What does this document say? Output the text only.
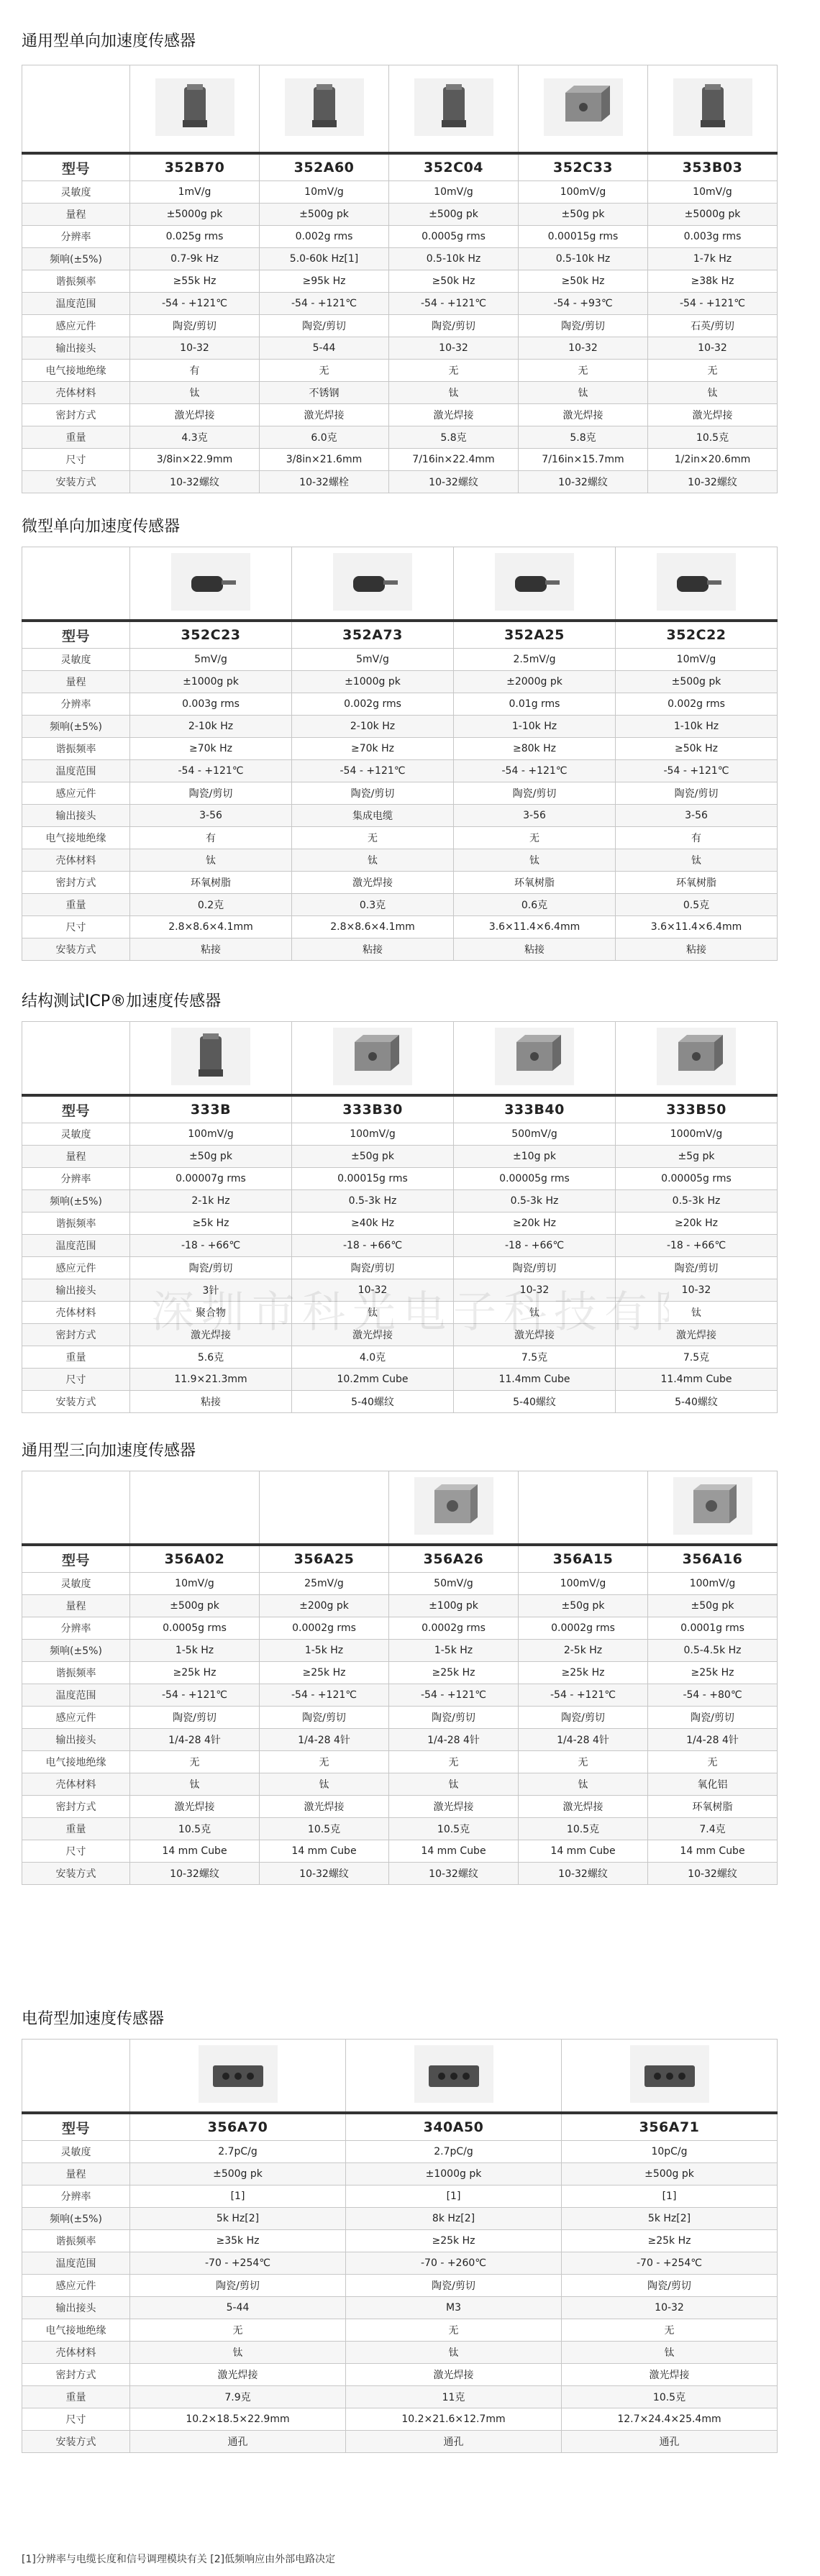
通用型单向加速度传感器

型号	352B70	352A60	352C04	352C33	353B03
灵敏度	1mV/g	10mV/g	10mV/g	100mV/g	10mV/g
量程	±5000g pk	±500g pk	±500g pk	±50g pk	±5000g pk
分辨率	0.025g rms	0.002g rms	0.0005g rms	0.00015g rms	0.003g rms
频响(±5%)	0.7-9k Hz	5.0-60k Hz[1]	0.5-10k Hz	0.5-10k Hz	1-7k Hz
谐振频率	≥55k Hz	≥95k Hz	≥50k Hz	≥50k Hz	≥38k Hz
温度范围	-54 - +121℃	-54 - +121℃	-54 - +121℃	-54 - +93℃	-54 - +121℃
感应元件	陶瓷/剪切	陶瓷/剪切	陶瓷/剪切	陶瓷/剪切	石英/剪切
输出接头	10-32	5-44	10-32	10-32	10-32
电气接地绝缘	有	无	无	无	无
壳体材料	钛	不锈钢	钛	钛	钛
密封方式	激光焊接	激光焊接	激光焊接	激光焊接	激光焊接
重量	4.3克	6.0克	5.8克	5.8克	10.5克
尺寸	3/8in×22.9mm	3/8in×21.6mm	7/16in×22.4mm	7/16in×15.7mm	1/2in×20.6mm
安装方式	10-32螺纹	10-32螺栓	10-32螺纹	10-32螺纹	10-32螺纹
微型单向加速度传感器

型号	352C23	352A73	352A25	352C22
灵敏度	5mV/g	5mV/g	2.5mV/g	10mV/g
量程	±1000g pk	±1000g pk	±2000g pk	±500g pk
分辨率	0.003g rms	0.002g rms	0.01g rms	0.002g rms
频响(±5%)	2-10k Hz	2-10k Hz	1-10k Hz	1-10k Hz
谐振频率	≥70k Hz	≥70k Hz	≥80k Hz	≥50k Hz
温度范围	-54 - +121℃	-54 - +121℃	-54 - +121℃	-54 - +121℃
感应元件	陶瓷/剪切	陶瓷/剪切	陶瓷/剪切	陶瓷/剪切
输出接头	3-56	集成电缆	3-56	3-56
电气接地绝缘	有	无	无	有
壳体材料	钛	钛	钛	钛
密封方式	环氧树脂	激光焊接	环氧树脂	环氧树脂
重量	0.2克	0.3克	0.6克	0.5克
尺寸	2.8×8.6×4.1mm	2.8×8.6×4.1mm	3.6×11.4×6.4mm	3.6×11.4×6.4mm
安装方式	粘接	粘接	粘接	粘接
结构测试ICP®加速度传感器

型号	333B	333B30	333B40	333B50
灵敏度	100mV/g	100mV/g	500mV/g	1000mV/g
量程	±50g pk	±50g pk	±10g pk	±5g pk
分辨率	0.00007g rms	0.00015g rms	0.00005g rms	0.00005g rms
频响(±5%)	2-1k Hz	0.5-3k Hz	0.5-3k Hz	0.5-3k Hz
谐振频率	≥5k Hz	≥40k Hz	≥20k Hz	≥20k Hz
温度范围	-18 - +66℃	-18 - +66℃	-18 - +66℃	-18 - +66℃
感应元件	陶瓷/剪切	陶瓷/剪切	陶瓷/剪切	陶瓷/剪切
输出接头	3针	10-32	10-32	10-32
壳体材料	聚合物	钛	钛	钛
密封方式	激光焊接	激光焊接	激光焊接	激光焊接
重量	5.6克	4.0克	7.5克	7.5克
尺寸	11.9×21.3mm	10.2mm Cube	11.4mm Cube	11.4mm Cube
安装方式	粘接	5-40螺纹	5-40螺纹	5-40螺纹
通用型三向加速度传感器

型号	356A02	356A25	356A26	356A15	356A16
灵敏度	10mV/g	25mV/g	50mV/g	100mV/g	100mV/g
量程	±500g pk	±200g pk	±100g pk	±50g pk	±50g pk
分辨率	0.0005g rms	0.0002g rms	0.0002g rms	0.0002g rms	0.0001g rms
频响(±5%)	1-5k Hz	1-5k Hz	1-5k Hz	2-5k Hz	0.5-4.5k Hz
谐振频率	≥25k Hz	≥25k Hz	≥25k Hz	≥25k Hz	≥25k Hz
温度范围	-54 - +121℃	-54 - +121℃	-54 - +121℃	-54 - +121℃	-54 - +80℃
感应元件	陶瓷/剪切	陶瓷/剪切	陶瓷/剪切	陶瓷/剪切	陶瓷/剪切
输出接头	1/4-28 4针	1/4-28 4针	1/4-28 4针	1/4-28 4针	1/4-28 4针
电气接地绝缘	无	无	无	无	无
壳体材料	钛	钛	钛	钛	氧化铝
密封方式	激光焊接	激光焊接	激光焊接	激光焊接	环氧树脂
重量	10.5克	10.5克	10.5克	10.5克	7.4克
尺寸	14 mm Cube	14 mm Cube	14 mm Cube	14 mm Cube	14 mm Cube
安装方式	10-32螺纹	10-32螺纹	10-32螺纹	10-32螺纹	10-32螺纹
电荷型加速度传感器

型号	356A70	340A50	356A71
灵敏度	2.7pC/g	2.7pC/g	10pC/g
量程	±500g pk	±1000g pk	±500g pk
分辨率	[1]	[1]	[1]
频响(±5%)	5k Hz[2]	8k Hz[2]	5k Hz[2]
谐振频率	≥35k Hz	≥25k Hz	≥25k Hz
温度范围	-70 - +254℃	-70 - +260℃	-70 - +254℃
感应元件	陶瓷/剪切	陶瓷/剪切	陶瓷/剪切
输出接头	5-44	M3	10-32
电气接地绝缘	无	无	无
壳体材料	钛	钛	钛
密封方式	激光焊接	激光焊接	激光焊接
重量	7.9克	11克	10.5克
尺寸	10.2×18.5×22.9mm	10.2×21.6×12.7mm	12.7×24.4×25.4mm
安装方式	通孔	通孔	通孔
深圳市科光电子科技有
[1]分辨率与电缆长度和信号调理模块有关 [2]低频响应由外部电路决定
